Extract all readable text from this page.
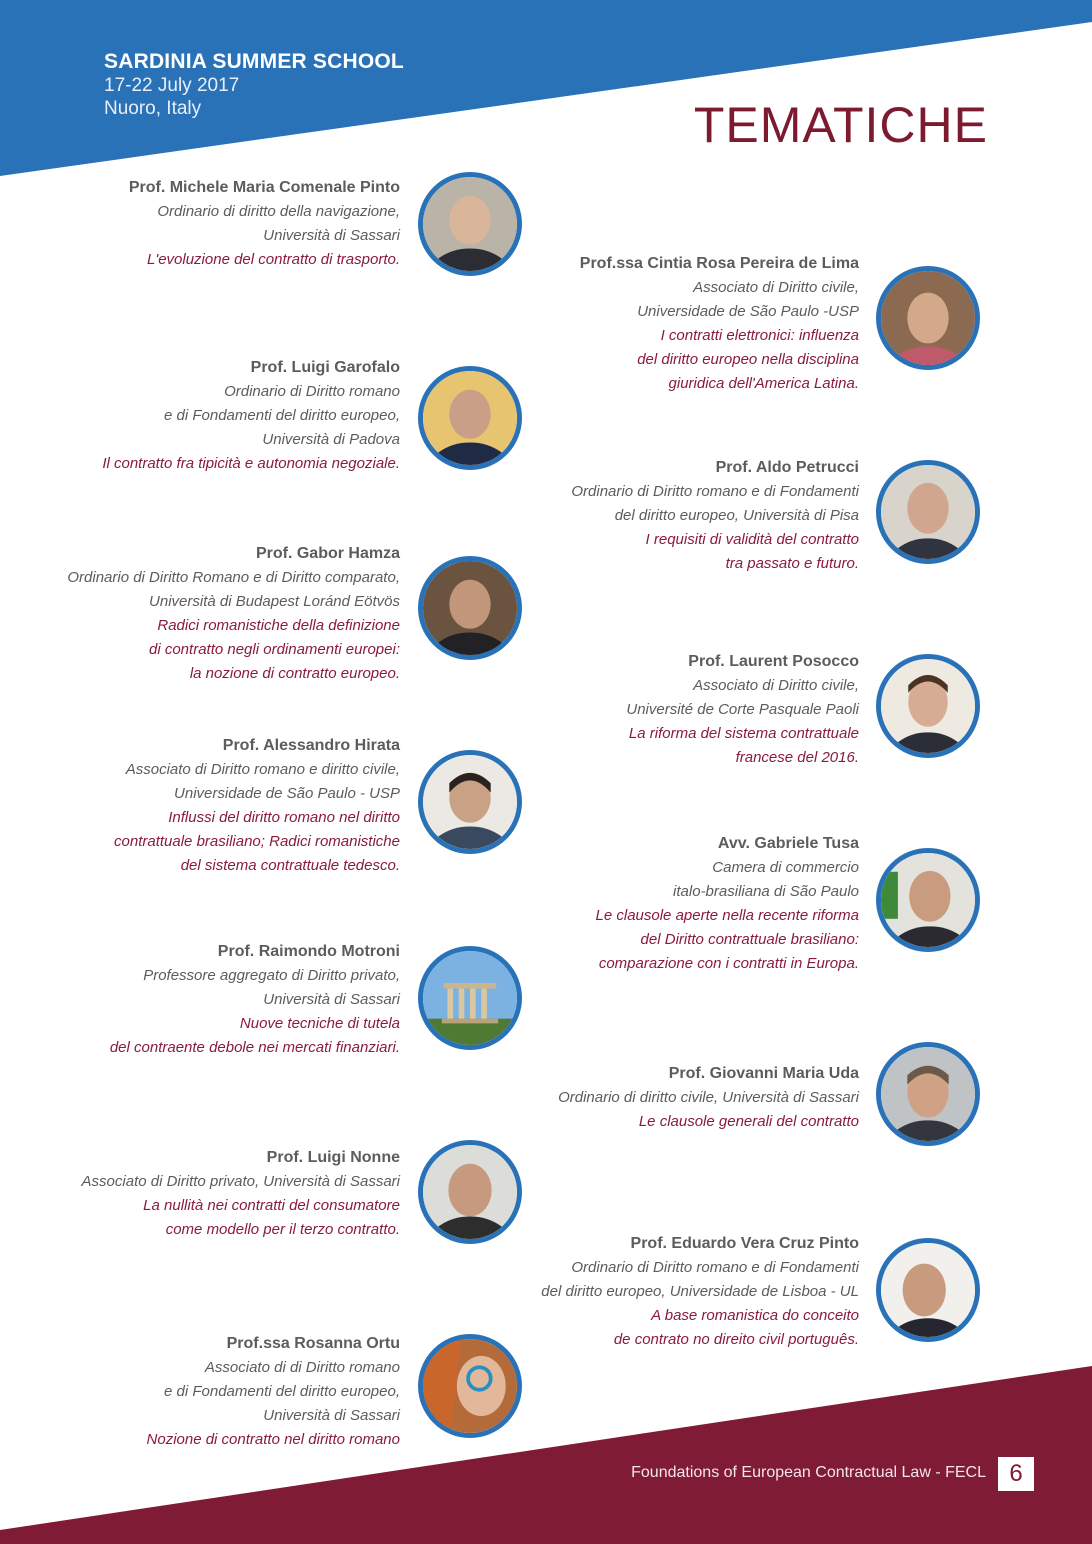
SARDINIA SUMMER SCHOOL
17-22 July 2017
Nuoro, Italy	TEMATICHE
Prof. Michele Maria Comenale Pinto
Ordinario di diritto della navigazione,
Università di Sassari
L'evoluzione del contratto di trasporto.
Prof. Luigi Garofalo
Ordinario di Diritto romano
e di Fondamenti del diritto europeo,
Università di Padova
Il contratto fra tipicità e autonomia negoziale.
Prof. Gabor Hamza
Ordinario di Diritto Romano e di Diritto comparato,
Università di Budapest Loránd Eötvös
Radici romanistiche della definizione
di contratto negli ordinamenti europei:
la nozione di contratto europeo.
Prof. Alessandro Hirata
Associato di Diritto romano e diritto civile,
Universidade de São Paulo - USP
Influssi del diritto romano nel diritto
contrattuale brasiliano; Radici romanistiche
del sistema contrattuale tedesco.
Prof. Raimondo Motroni
Professore aggregato di Diritto privato,
Università di Sassari
Nuove tecniche di tutela
del contraente debole nei mercati finanziari.
Prof. Luigi Nonne
Associato di Diritto privato, Università di Sassari
La nullità nei contratti del consumatore
come modello per il terzo contratto.
Prof.ssa Rosanna Ortu
Associato di di Diritto romano
e di Fondamenti del diritto europeo,
Università di Sassari
Nozione di contratto nel diritto romano
Prof.ssa Cintia Rosa Pereira de Lima
Associato di Diritto civile,
Universidade de São Paulo -USP
I contratti elettronici: influenza
del diritto europeo nella disciplina
giuridica dell'America Latina.
Prof. Aldo Petrucci
Ordinario di Diritto romano e di Fondamenti
del diritto europeo, Università di Pisa
I requisiti di validità del contratto
tra passato e futuro.
Prof. Laurent Posocco
Associato di Diritto civile,
Université de Corte Pasquale Paoli
La riforma del sistema contrattuale
francese del 2016.
Avv. Gabriele Tusa
Camera di commercio
italo-brasiliana di São Paulo
Le clausole aperte nella recente riforma
del Diritto contrattuale brasiliano:
comparazione con i contratti in Europa.
Prof. Giovanni Maria Uda
Ordinario di diritto civile, Università di Sassari
Le clausole generali del contratto
Prof. Eduardo Vera Cruz Pinto
Ordinario di Diritto romano e di Fondamenti
del diritto europeo, Universidade de Lisboa - UL
A base romanistica do conceito
de contrato no direito civil português.
Foundations of European Contractual Law - FECL 6
